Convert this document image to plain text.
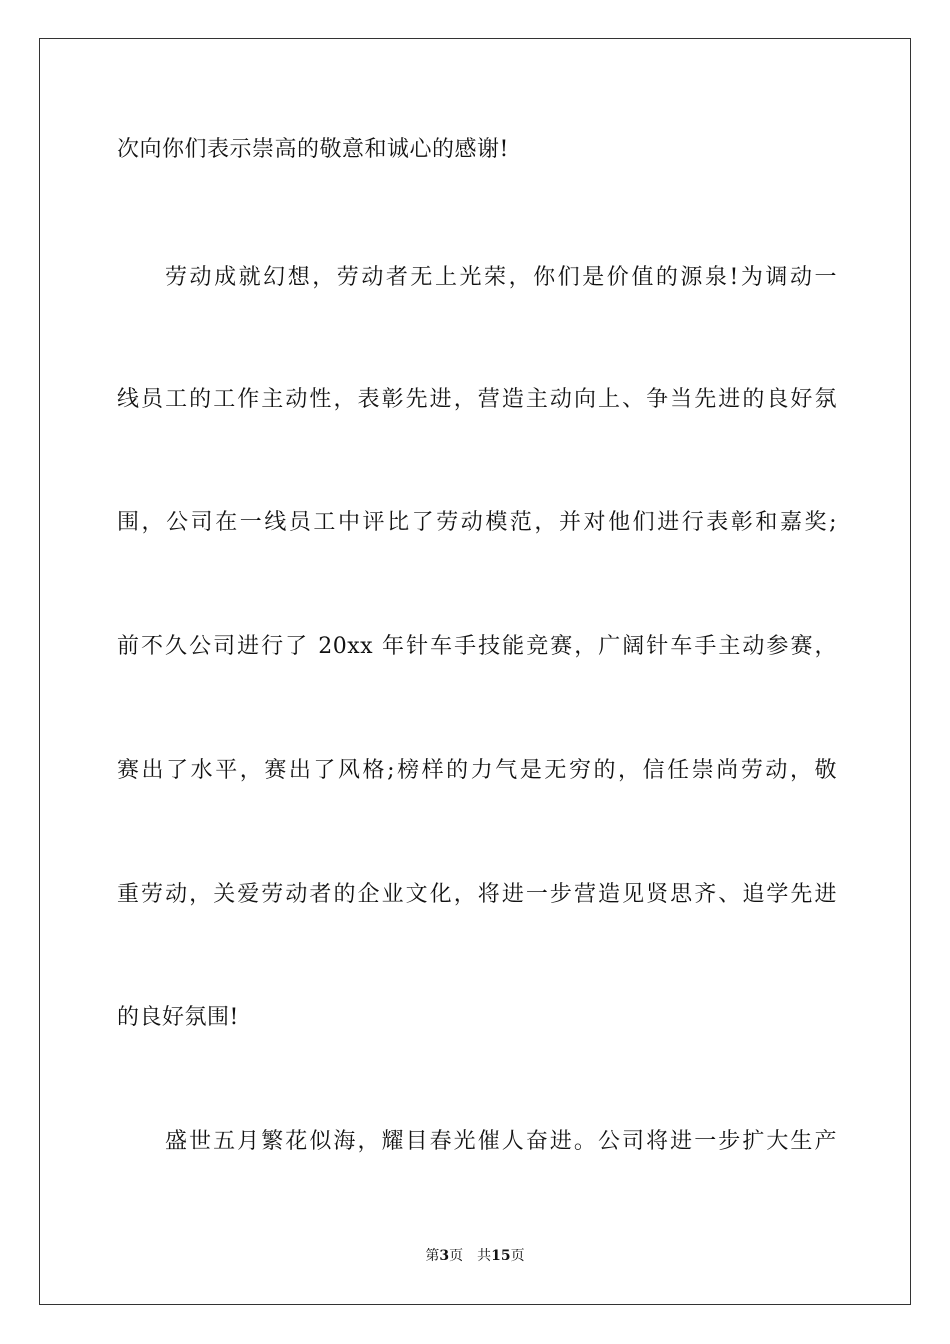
次向你们表示崇高的敬意和诚心的感谢!
劳动成就幻想，劳动者无上光荣，你们是价值的源泉!为调动一
线员工的工作主动性，表彰先进，营造主动向上、争当先进的良好氛
围，公司在一线员工中评比了劳动模范，并对他们进行表彰和嘉奖;
前不久公司进行了 20xx 年针车手技能竞赛，广阔针车手主动参赛，
赛出了水平，赛出了风格;榜样的力气是无穷的，信任崇尚劳动，敬
重劳动，关爱劳动者的企业文化，将进一步营造见贤思齐、追学先进
的良好氛围!
盛世五月繁花似海，耀目春光催人奋进。公司将进一步扩大生产
第3页 共15页
